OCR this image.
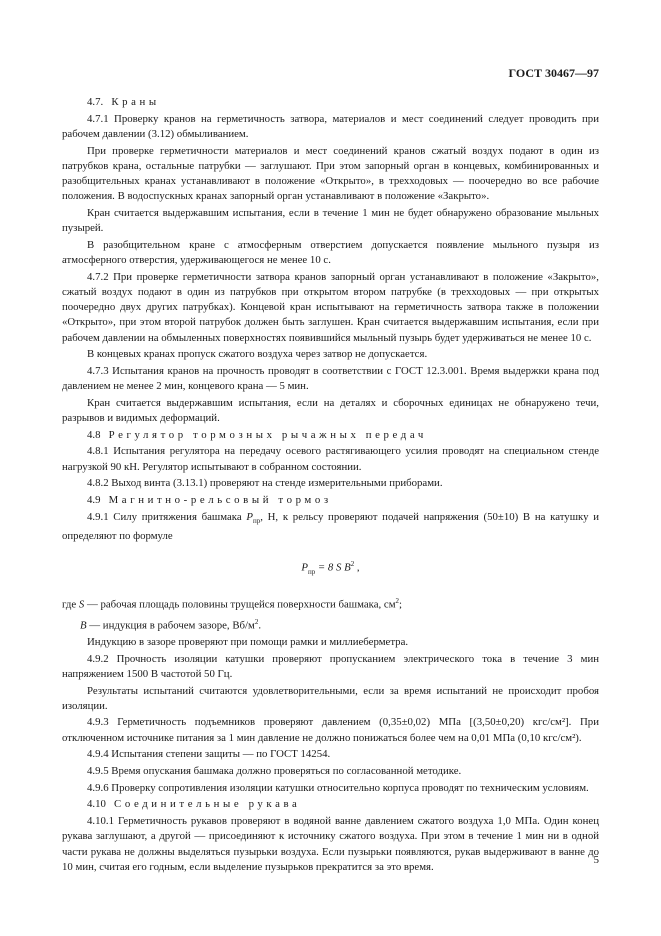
ГОСТ 30467—97

4.7. Краны

4.7.1 Проверку кранов на герметичность затвора, материалов и мест соединений следует проводить при рабочем давлении (3.12) обмыливанием.

При проверке герметичности материалов и мест соединений кранов сжатый воздух подают в один из патрубков крана, остальные патрубки — заглушают. При этом запорный орган в концевых, комбинированных и разобщительных кранах устанавливают в положение «Открыто», в трехходовых — поочередно во все рабочие положения. В водоспускных кранах запорный орган устанавливают в положение «Закрыто».

Кран считается выдержавшим испытания, если в течение 1 мин не будет обнаружено образование мыльных пузырей.

В разобщительном кране с атмосферным отверстием допускается появление мыльного пузыря из атмосферного отверстия, удерживающегося не менее 10 с.

4.7.2 При проверке герметичности затвора кранов запорный орган устанавливают в положение «Закрыто», сжатый воздух подают в один из патрубков при открытом втором патрубке (в трехходовых — при открытых поочередно двух других патрубках). Концевой кран испытывают на герметичность затвора также в положении «Открыто», при этом второй патрубок должен быть заглушен. Кран считается выдержавшим испытания, если при рабочем давлении на обмыленных поверхностях появившийся мыльный пузырь будет удерживаться не менее 10 с.

В концевых кранах пропуск сжатого воздуха через затвор не допускается.

4.7.3 Испытания кранов на прочность проводят в соответствии с ГОСТ 12.3.001. Время выдержки крана под давлением не менее 2 мин, концевого крана — 5 мин.

Кран считается выдержавшим испытания, если на деталях и сборочных единицах не обнаружено течи, разрывов и видимых деформаций.

4.8 Регулятор тормозных рычажных передач

4.8.1 Испытания регулятора на передачу осевого растягивающего усилия проводят на специальном стенде нагрузкой 90 кН. Регулятор испытывают в собранном состоянии.

4.8.2 Выход винта (3.13.1) проверяют на стенде измерительными приборами.

4.9 Магнитно-рельсовый тормоз

4.9.1 Силу притяжения башмака $P_{пр}$, Н, к рельсу проверяют подачей напряжения (50±10) В на катушку и определяют по формуле

$P_{пр} = 8$ S $B^2$ ,

где S — рабочая площадь половины трущейся поверхности башмака, $см^2$;

B — индукция в рабочем зазоре, $Вб/м^2$.

Индукцию в зазоре проверяют при помощи рамки и миллиеберметра.

4.9.2 Прочность изоляции катушки проверяют пропусканием электрического тока в течение 3 мин напряжением 1500 В частотой 50 Гц.

Результаты испытаний считаются удовлетворительными, если за время испытаний не происходит пробоя изоляции.

4.9.3 Герметичность подъемников проверяют давлением (0,35±0,02) МПа [(3,50±0,20) кгс/см²]. При отключенном источнике питания за 1 мин давление не должно понижаться более чем на 0,01 МПа (0,10 кгс/см²).

4.9.4 Испытания степени защиты — по ГОСТ 14254.

4.9.5 Время опускания башмака должно проверяться по согласованной методике.

4.9.6 Проверку сопротивления изоляции катушки относительно корпуса проводят по техническим условиям.

4.10 Соединительные рукава

4.10.1 Герметичность рукавов проверяют в водяной ванне давлением сжатого воздуха 1,0 МПа. Один конец рукава заглушают, а другой — присоединяют к источнику сжатого воздуха. При этом в течение 1 мин ни в одной части рукава не должны выделяться пузырьки воздуха. Если пузырьки появляются, рукав выдерживают в ванне до 10 мин, считая его годным, если выделение пузырьков прекратится за это время.

5
